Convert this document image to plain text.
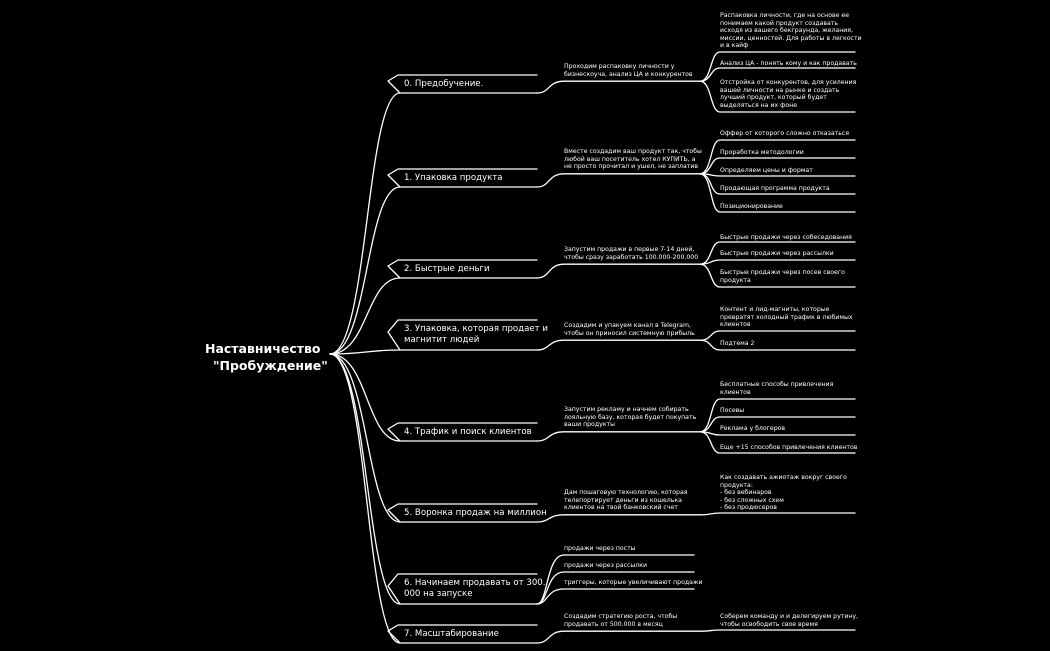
Наставничество
"Пробуждение"
0. Предобучение.
Проходим распаковку личности у
бизнескоуча, анализ ЦА и конкурентов
Распаковка личности, где на основе ее
понимаем какой продукт создавать
исходя из вашего бекграунда, желания,
миссии, ценностей. Для работы в легкости
и в кайф
Анализ ЦА - понять кому и как продавать
Отстройка от конкурентов, для усиления
вашей личности на рынке и создать
лучший продукт, который будет
выделяться на их фоне
1. Упаковка продукта
Вместе создадим ваш продукт так, чтобы
любой ваш посетитель хотел КУПИТЬ, а
не просто прочитал и ушел, не заплатив
Оффер от которого сложно отказаться
Проработка методологии
Определяем цены и формат
Продающая программа продукта
Позиционирование
2. Быстрые деньги
Запустим продажи в первые 7-14 дней,
чтобы сразу заработать 100.000-200.000
Быстрые продажи через собеседования
Быстрые продажи через рассылки
Быстрые продажи через посев своего
продукта
3. Упаковка, которая продает и
магнитит людей
Создадим и упакуем канал в Telegram,
чтобы он приносил системную прибыль
Контент и лид-магниты, которые
превратят холодный трафик в любимых
клиентов
Подтема 2
4. Трафик и поиск клиентов
Запустим рекламу и начнем собирать
лояльную базу, которая будет покупать
ваши продукты
Бесплатные способы привлечения
клиентов
Посевы
Реклама у блогеров
Еще +15 способов привлечения клиентов
5. Воронка продаж на миллион
Дам пошаговую технологию, которая
телепортирует деньги из кошелька
клиентов на твой банковский счет
Как создавать ажиотаж вокруг своего
продукта:
- без вебинаров
- без сложных схем
- без продюсеров
6. Начинаем продавать от 300.
000 на запуске
продажи через посты
продажи через рассылки
триггеры, которые увеличивают продажи
7. Масштабирование
Создадим стратегию роста, чтобы
продавать от 500.000 в месяц
Соберем команду и и делегируем рутину,
чтобы освободить свое время
